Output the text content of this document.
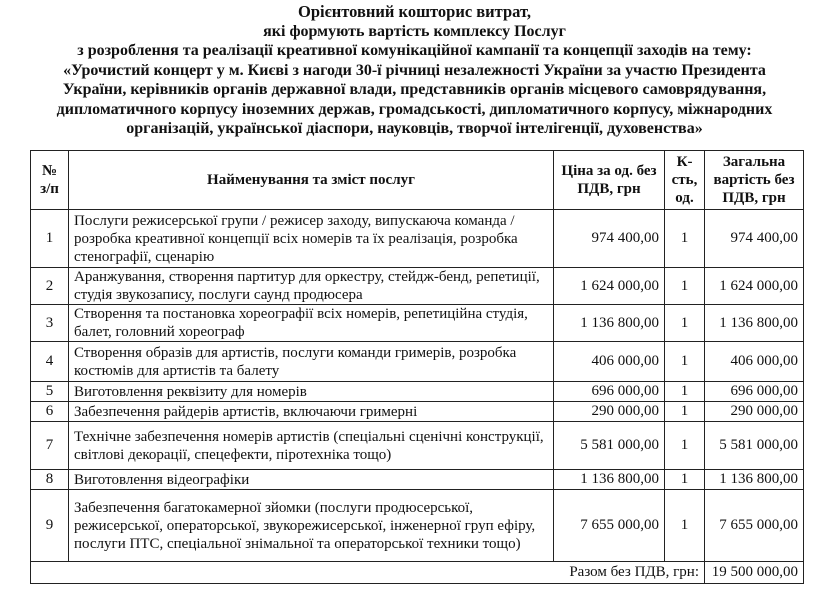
Орієнтовний кошторис витрат,
які формують вартість комплексу Послуг
з розроблення та реалізації креативної комунікаційної кампанії та концепції заходів на тему:
«Урочистий концерт у м. Києві з нагоди 30-ї річниці незалежності України за участю Президента
України, керівників органів державної влади, представників органів місцевого самоврядування,
дипломатичного корпусу іноземних держав, громадськості, дипломатичного корпусу, міжнародних
організацій, української діаспори, науковців, творчої інтелігенції, духовенства»
№ з/п	Найменування та зміст послуг	Ціна за од. без ПДВ, грн	К-сть, од.	Загальна вартість без ПДВ, грн
1	Послуги режисерської групи / режисер заходу, випускаюча команда / розробка креативної концепції всіх номерів та їх реалізація, розробка стенографії, сценарію	974 400,00	1	974 400,00
2	Аранжування, створення партитур для оркестру, стейдж-бенд, репетиції, студія звукозапису, послуги саунд продюсера	1 624 000,00	1	1 624 000,00
3	Створення та постановка хореографії всіх номерів, репетиційна студія, балет, головний хореограф	1 136 800,00	1	1 136 800,00
4	Створення образів для артистів, послуги команди гримерів, розробка костюмів для артистів та балету	406 000,00	1	406 000,00
5	Виготовлення реквізиту для номерів	696 000,00	1	696 000,00
6	Забезпечення райдерів артистів, включаючи гримерні	290 000,00	1	290 000,00
7	Технічне забезпечення номерів артистів (спеціальні сценічні конструкції, світлові декорації, спецефекти, піротехніка тощо)	5 581 000,00	1	5 581 000,00
8	Виготовлення відеографіки	1 136 800,00	1	1 136 800,00
9	Забезпечення багатокамерної зйомки (послуги продюсерської, режисерської, операторської, звукорежисерської, інженерної груп ефіру, послуги ПТС, спеціальної знімальної та операторської техники тощо)	7 655 000,00	1	7 655 000,00
Разом без ПДВ, грн:				19 500 000,00
